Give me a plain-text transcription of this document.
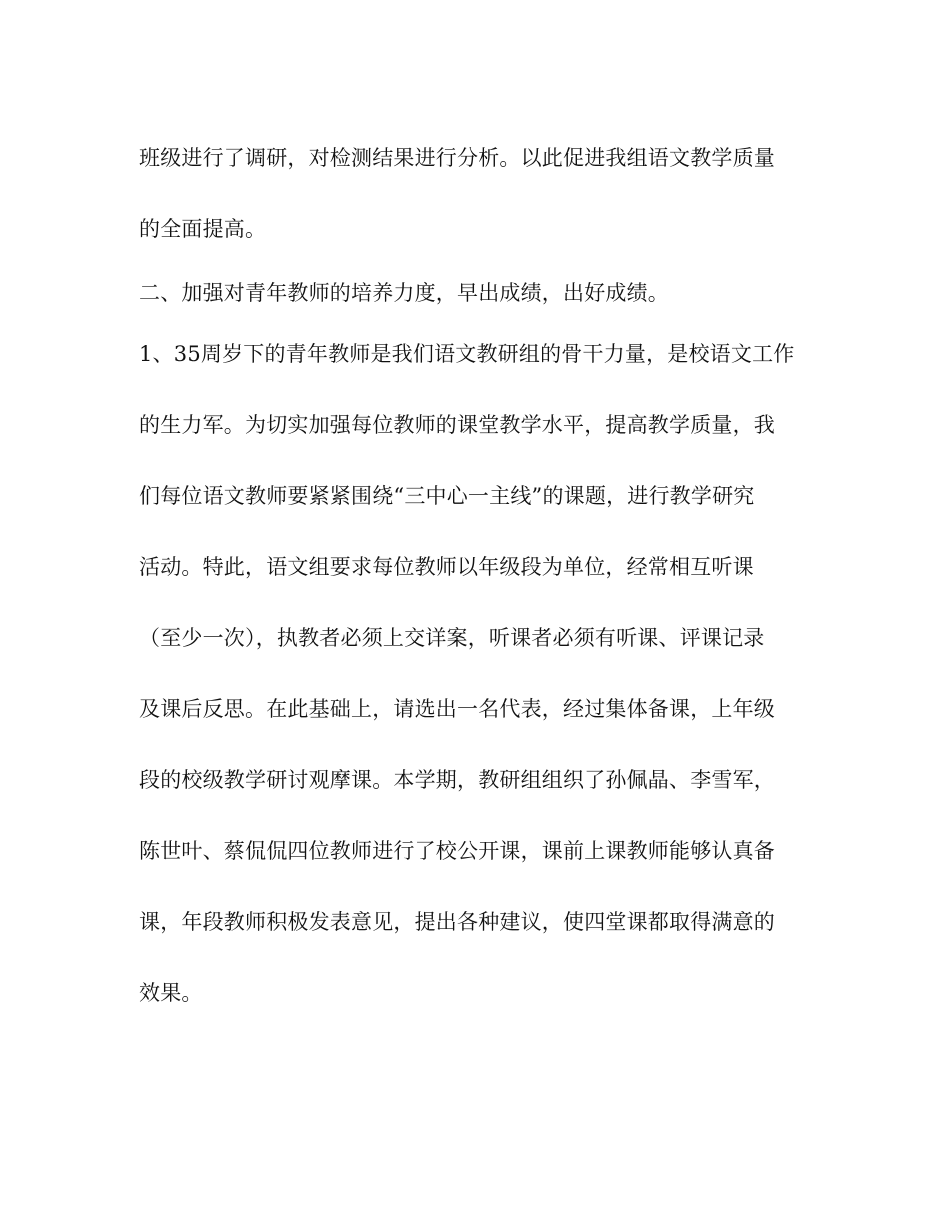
班级进行了调研，对检测结果进行分析。以此促进我组语文教学质量
的全面提高。
二、加强对青年教师的培养力度，早出成绩，出好成绩。
1、35周岁下的青年教师是我们语文教研组的骨干力量，是校语文工作
的生力军。为切实加强每位教师的课堂教学水平，提高教学质量，我
们每位语文教师要紧紧围绕“三中心一主线”的课题，进行教学研究
活动。特此，语文组要求每位教师以年级段为单位，经常相互听课
（至少一次），执教者必须上交详案，听课者必须有听课、评课记录
及课后反思。在此基础上，请选出一名代表，经过集体备课，上年级
段的校级教学研讨观摩课。本学期，教研组组织了孙佩晶、李雪军，
陈世叶、蔡侃侃四位教师进行了校公开课，课前上课教师能够认真备
课，年段教师积极发表意见，提出各种建议，使四堂课都取得满意的
效果。
